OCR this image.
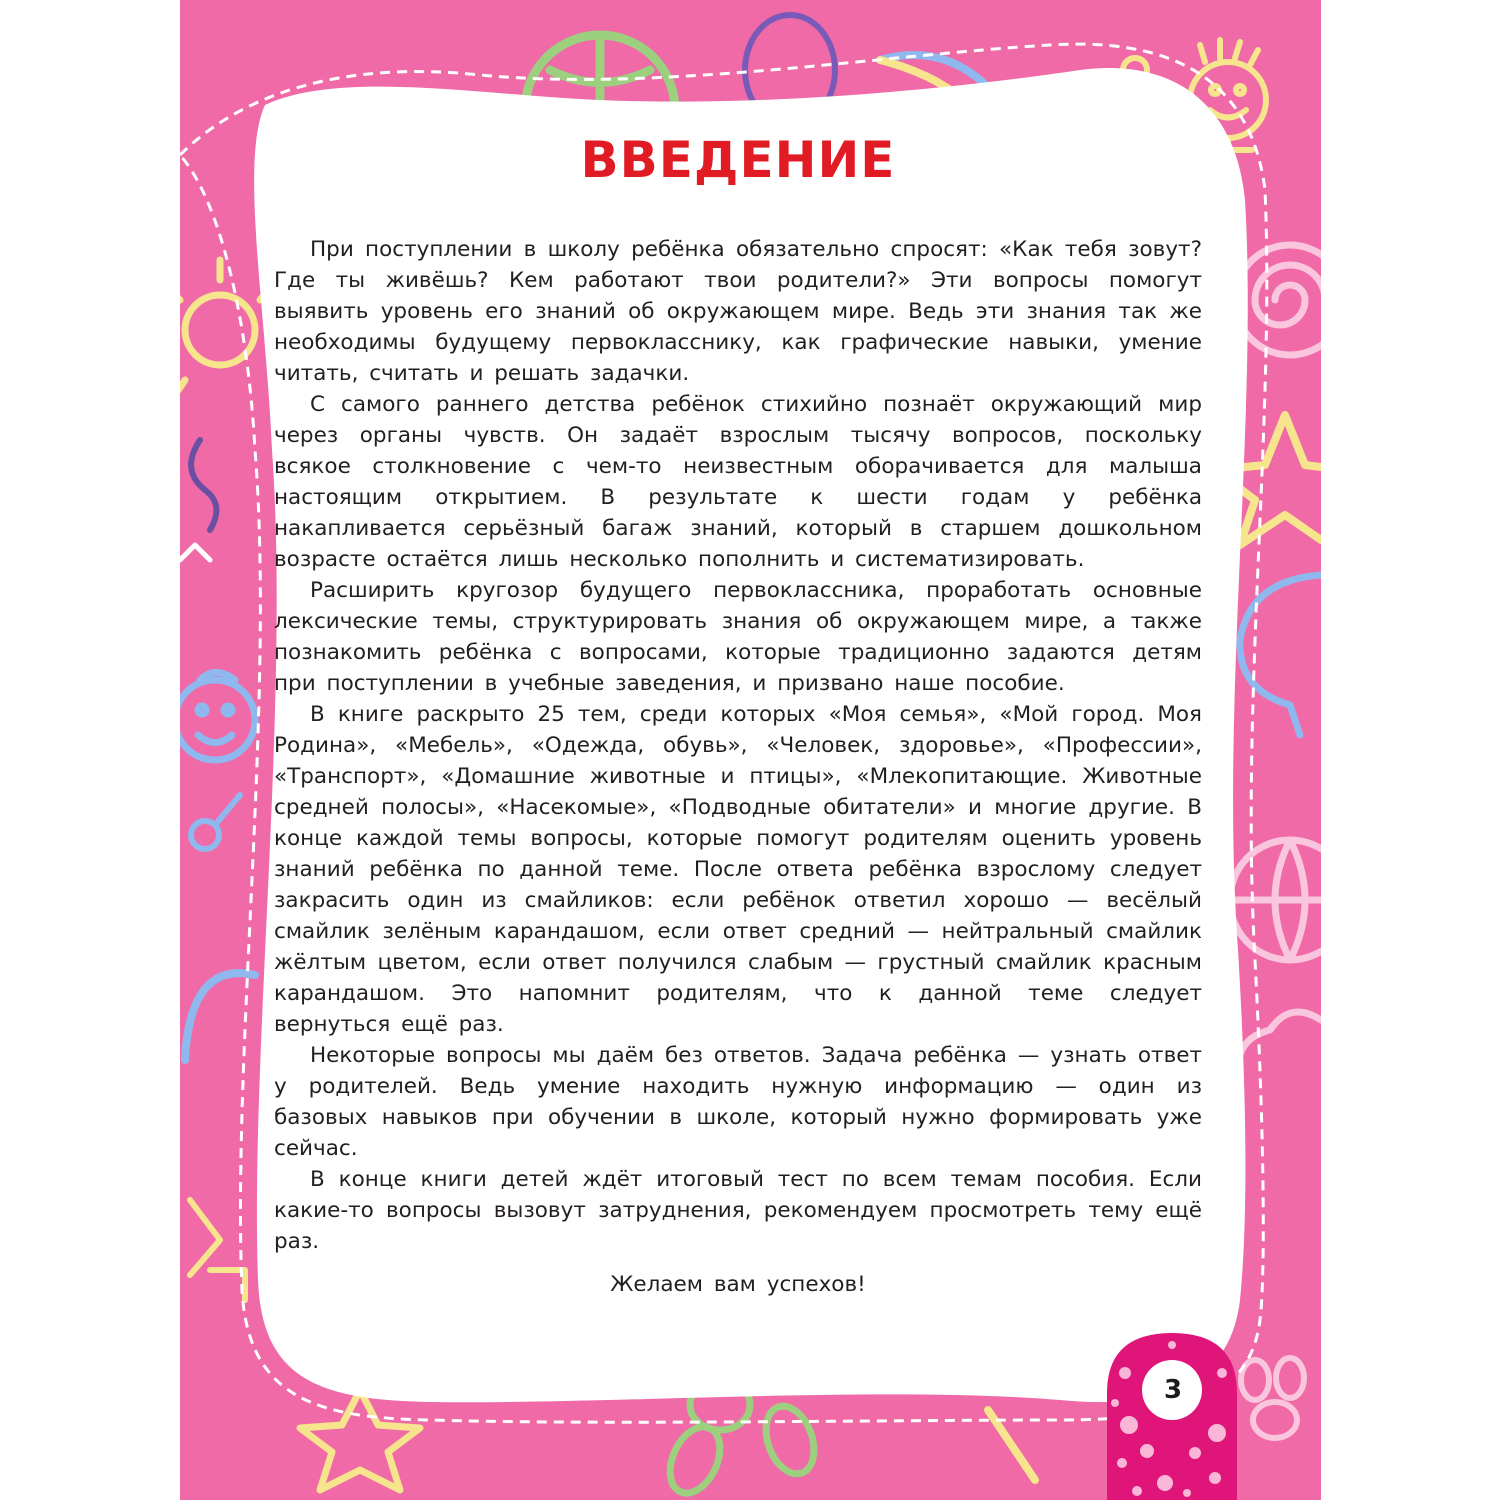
ВВЕДЕНИЕ

При поступлении в школу ребёнка обязательно спросят: «Как тебя зовут? Где ты живёшь? Кем работают твои родители?» Эти вопросы помогут выявить уровень его знаний об окружающем мире. Ведь эти знания так же необходимы будущему первокласснику, как графические навыки, умение читать, считать и решать задачки.

С самого раннего детства ребёнок стихийно познаёт окружающий мир через органы чувств. Он задаёт взрослым тысячу вопросов, поскольку всякое столкновение с чем-то неизвестным оборачивается для малыша настоящим открытием. В результате к шести годам у ребёнка накапливается серьёзный багаж знаний, который в старшем дошкольном возрасте остаётся лишь несколько пополнить и систематизировать.

Расширить кругозор будущего первоклассника, проработать основные лексические темы, структурировать знания об окружающем мире, а также познакомить ребёнка с вопросами, которые традиционно задаются детям при поступлении в учебные заведения, и призвано наше пособие.

В книге раскрыто 25 тем, среди которых «Моя семья», «Мой город. Моя Родина», «Мебель», «Одежда, обувь», «Человек, здоровье», «Профессии», «Транспорт», «Домашние животные и птицы», «Млекопитающие. Животные средней полосы», «Насекомые», «Подводные обитатели» и многие другие. В конце каждой темы вопросы, которые помогут родителям оценить уровень знаний ребёнка по данной теме. После ответа ребёнка взрослому следует закрасить один из смайликов: если ребёнок ответил хорошо — весёлый смайлик зелёным карандашом, если ответ средний — нейтральный смайлик жёлтым цветом, если ответ получился слабым — грустный смайлик красным карандашом. Это напомнит родителям, что к данной теме следует вернуться ещё раз.

Некоторые вопросы мы даём без ответов. Задача ребёнка — узнать ответ у родителей. Ведь умение находить нужную информацию — один из базовых навыков при обучении в школе, который нужно формировать уже сейчас.

В конце книги детей ждёт итоговый тест по всем темам пособия. Если какие-то вопросы вызовут затруднения, рекомендуем просмотреть тему ещё раз.

Желаем вам успехов!
3
